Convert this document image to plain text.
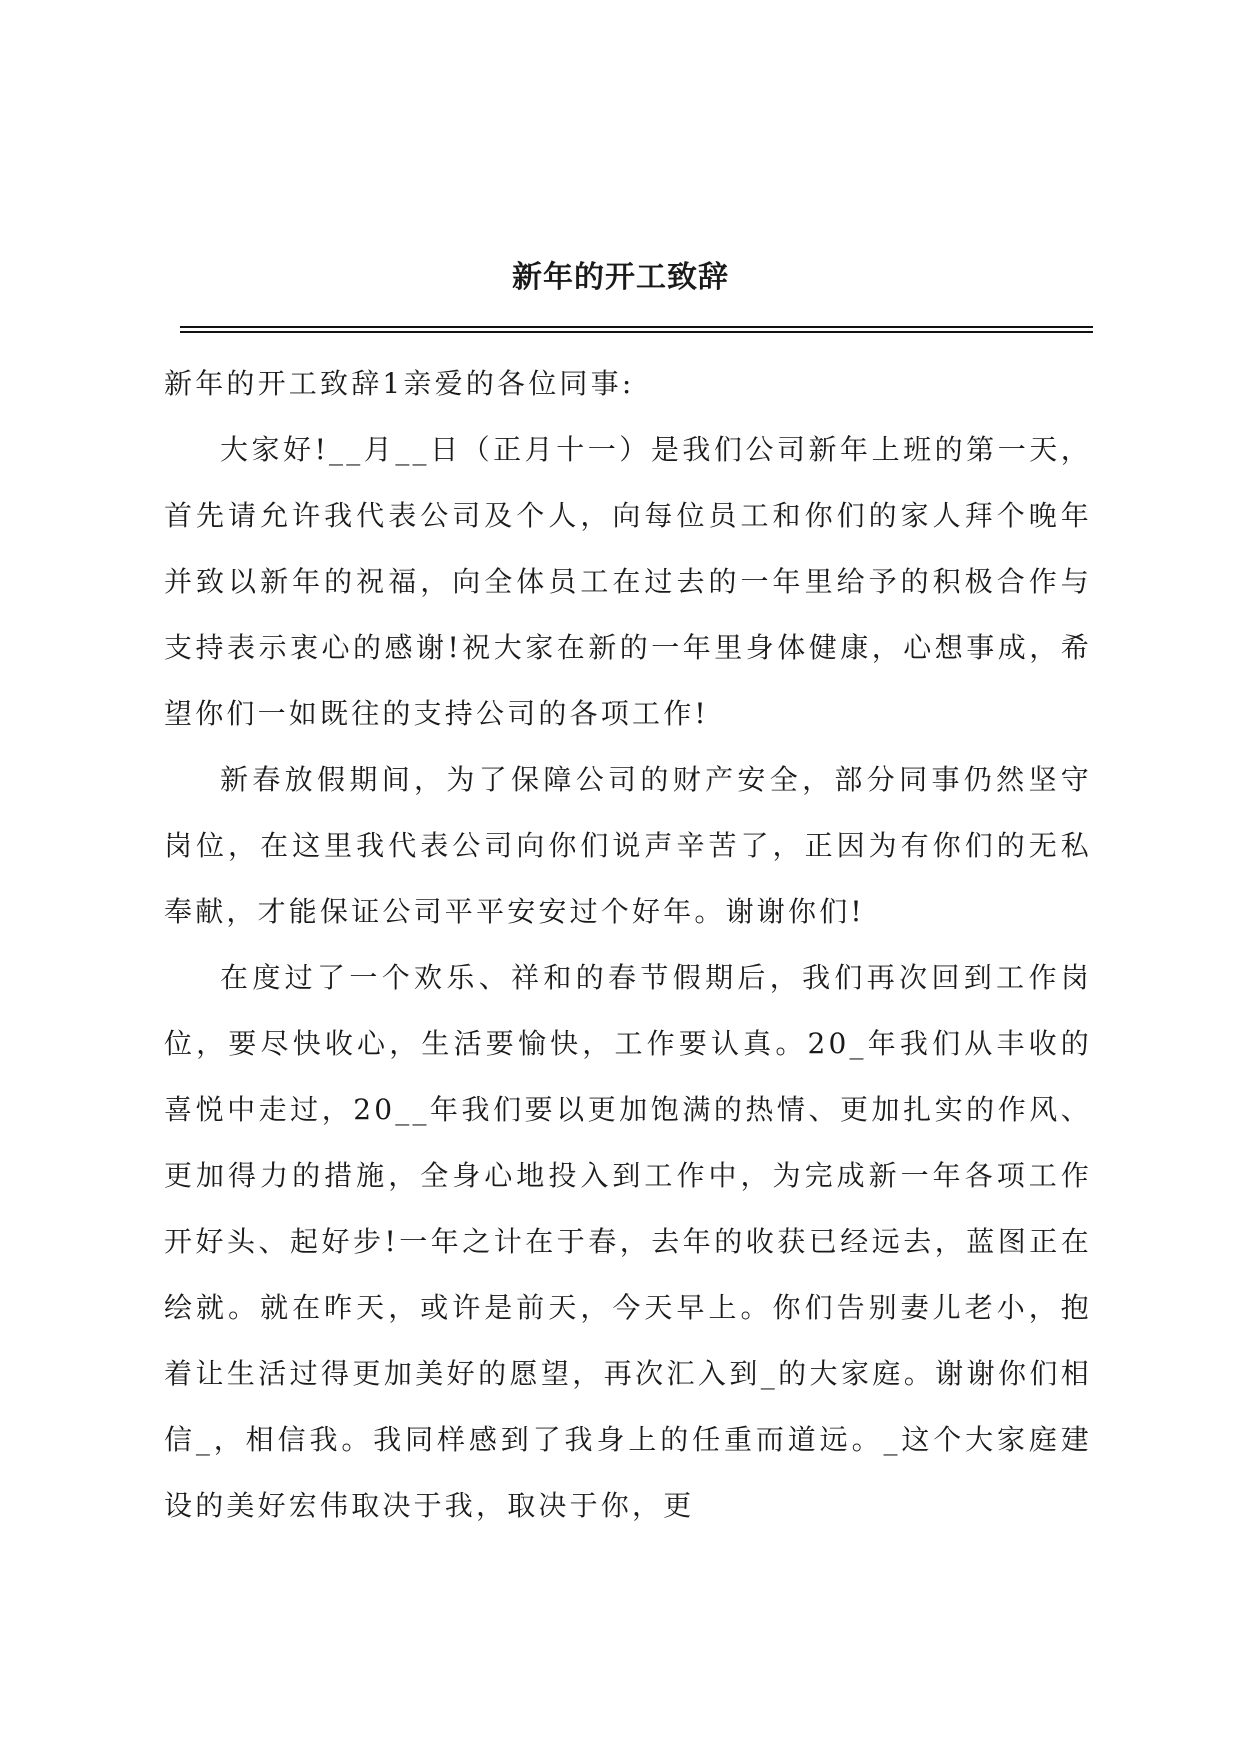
新年的开工致辞

新年的开工致辞1亲爱的各位同事:

大家好!__月__日（正月十一）是我们公司新年上班的第一天，首先请允许我代表公司及个人，向每位员工和你们的家人拜个晚年并致以新年的祝福，向全体员工在过去的一年里给予的积极合作与支持表示衷心的感谢!祝大家在新的一年里身体健康，心想事成，希望你们一如既往的支持公司的各项工作!

新春放假期间，为了保障公司的财产安全，部分同事仍然坚守岗位，在这里我代表公司向你们说声辛苦了，正因为有你们的无私奉献，才能保证公司平平安安过个好年。谢谢你们!

在度过了一个欢乐、祥和的春节假期后，我们再次回到工作岗位，要尽快收心，生活要愉快，工作要认真。20_年我们从丰收的喜悦中走过，20__年我们要以更加饱满的热情、更加扎实的作风、更加得力的措施，全身心地投入到工作中，为完成新一年各项工作开好头、起好步!一年之计在于春，去年的收获已经远去，蓝图正在绘就。就在昨天，或许是前天，今天早上。你们告别妻儿老小，抱着让生活过得更加美好的愿望，再次汇入到_的大家庭。谢谢你们相信_，相信我。我同样感到了我身上的任重而道远。_这个大家庭建设的美好宏伟取决于我，取决于你，更
